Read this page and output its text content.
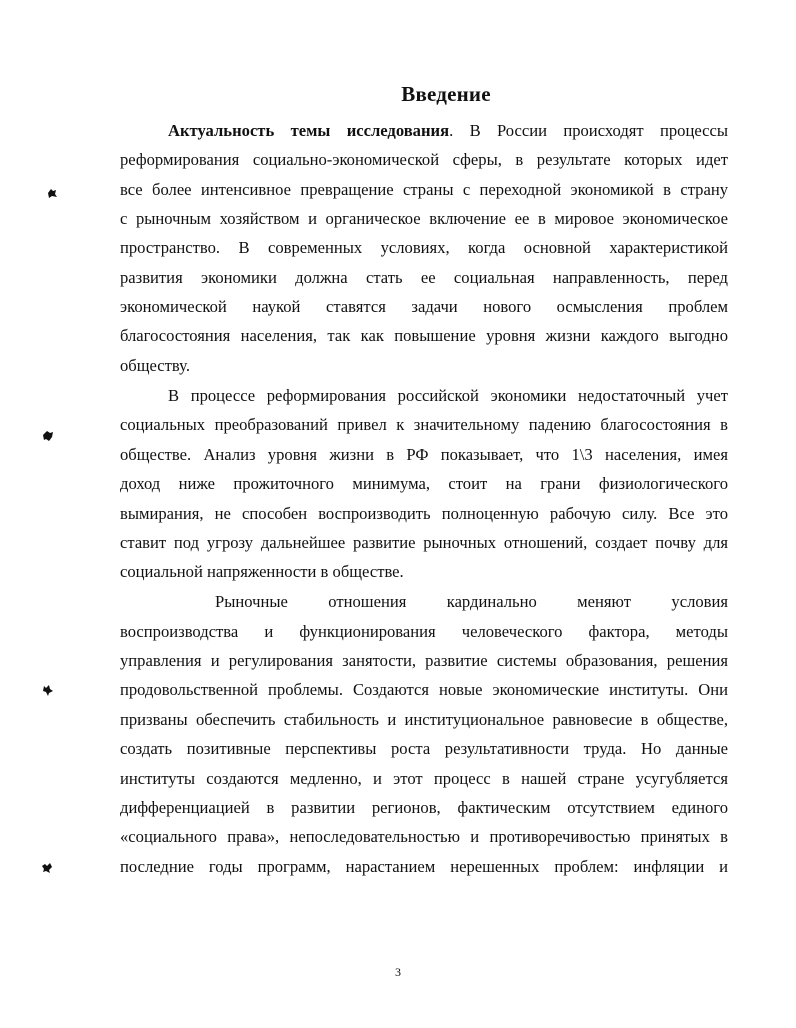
Введение
Актуальность темы исследования. В России происходят процессы
реформирования социально-экономической сферы, в результате которых идет
все более интенсивное превращение страны с переходной экономикой в страну
с рыночным хозяйством и органическое включение ее в мировое экономическое
пространство. В современных условиях, когда основной характеристикой
развития экономики должна стать ее социальная направленность, перед
экономической наукой ставятся задачи нового осмысления проблем
благосостояния населения, так как повышение уровня жизни каждого выгодно
обществу.
В процессе реформирования российской экономики недостаточный учет
социальных преобразований привел к значительному падению благосостояния в
обществе. Анализ уровня жизни в РФ показывает, что 1\3 населения, имея
доход ниже прожиточного минимума, стоит на грани физиологического
вымирания, не способен воспроизводить полноценную рабочую силу. Все это
ставит под угрозу дальнейшее развитие рыночных отношений, создает почву для
социальной напряженности в обществе.
Рыночные отношения кардинально меняют условия
воспроизводства и функционирования человеческого фактора, методы
управления и регулирования занятости, развитие системы образования, решения
продовольственной проблемы. Создаются новые экономические институты. Они
призваны обеспечить стабильность и институциональное равновесие в обществе,
создать позитивные перспективы роста результативности труда. Но данные
институты создаются медленно, и этот процесс в нашей стране усугубляется
дифференциацией в развитии регионов, фактическим отсутствием единого
«социального права», непоследовательностью и противоречивостью принятых в
последние годы программ, нарастанием нерешенных проблем: инфляции и
3
